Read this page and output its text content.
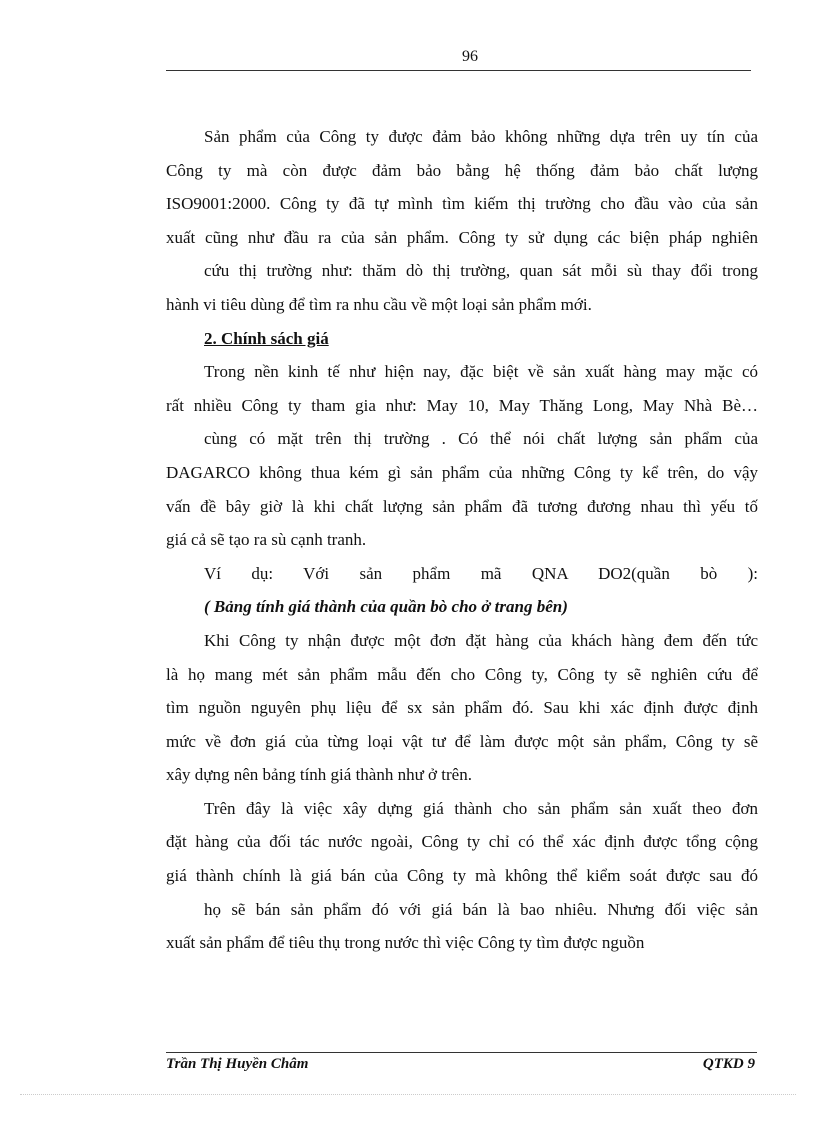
96
Sản phẩm của Công ty được đảm bảo không những dựa trên uy tín của
Công ty mà còn được đảm bảo bằng hệ thống đảm bảo chất lượng
ISO9001:2000. Công ty đã tự mình tìm kiếm thị trường cho đầu vào của sản
xuất cũng như đầu ra của sản phẩm. Công ty sử dụng các biện pháp nghiên
cứu thị trường như: thăm dò thị trường, quan sát mỗi sù thay đổi trong
hành vi tiêu dùng để tìm ra nhu cầu về một loại sản phẩm mới.
2. Chính sách giá
Trong nền kinh tế như hiện nay, đặc biệt về sản xuất hàng may mặc có
rất nhiều Công ty tham gia như: May 10, May Thăng Long, May Nhà Bè…
cùng có mặt trên thị trường . Có thể nói chất lượng sản phẩm của
DAGARCO không thua kém gì sản phẩm của những Công ty kể trên, do vậy
vấn đề bây giờ là khi chất lượng sản phẩm đã tương đương nhau thì yếu tố
giá cả sẽ tạo ra sù cạnh tranh.
Ví dụ: Với sản phẩm mã QNA DO2(quần bò ):
( Bảng tính giá thành của quần bò cho ở trang bên)
Khi Công ty nhận được một đơn đặt hàng của khách hàng đem đến tức
là họ mang mét sản phẩm mẫu đến cho Công ty, Công ty sẽ nghiên cứu để
tìm nguồn nguyên phụ liệu để sx sản phẩm đó. Sau khi xác định được định
mức về đơn giá của từng loại vật tư để làm được một sản phẩm, Công ty sẽ
xây dựng nên bảng tính giá thành như ở trên.
Trên đây là việc xây dựng giá thành cho sản phẩm sản xuất theo đơn
đặt hàng của đối tác nước ngoài, Công ty chỉ có thể xác định được tổng cộng
giá thành chính là giá bán của Công ty mà không thể kiểm soát được sau đó
họ sẽ bán sản phẩm đó với giá bán là bao nhiêu. Nhưng đối việc sản
xuất sản phẩm để tiêu thụ trong nước thì việc Công ty tìm được nguồn
Trần Thị Huyền Châm	QTKD 9
